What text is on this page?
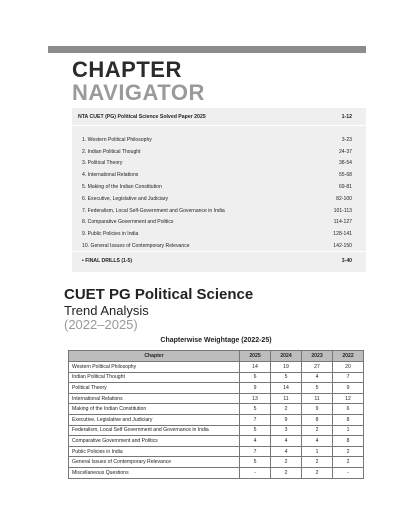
CHAPTER
NAVIGATOR
NTA CUET (PG) Political Science Solved Paper 2025	1-12
1. Western Political Philosophy	3-23
2. Indian Political Thought	24-37
3. Political Theory	38-54
4. International Relations	55-68
5. Making of the Indian Constitution	69-81
6. Executive, Legislative and Judiciary	82-100
7. Federalism, Local Self-Government and Governance in India	101-113
8. Comparative Government and Politics	114-127
9. Public Policies in India	128-141
10. General Issues of Contemporary Relevance	142-150
• FINAL DRILLS (1-5)	3-40
CUET PG Political Science
Trend Analysis
(2022–2025)
Chapterwise Weightage (2022-25)
Chapter	2025	2024	2023	2022
Western Political Philosophy	14	19	27	20
Indian Political Thought	6	5	4	7
Political Theory	9	14	5	9
International Relations	13	11	11	12
Making of the Indian Constitution	5	2	9	6
Executive, Legislative and Judiciary	7	9	8	8
Federalism, Local Self Government and Governance in India	5	3	2	1
Comparative Government and Politics	4	4	4	8
Public Policies in India	7	4	1	2
General Issues of Contemporary Relevance	5	2	2	2
Miscellaneous Questions	-	2	2	-
